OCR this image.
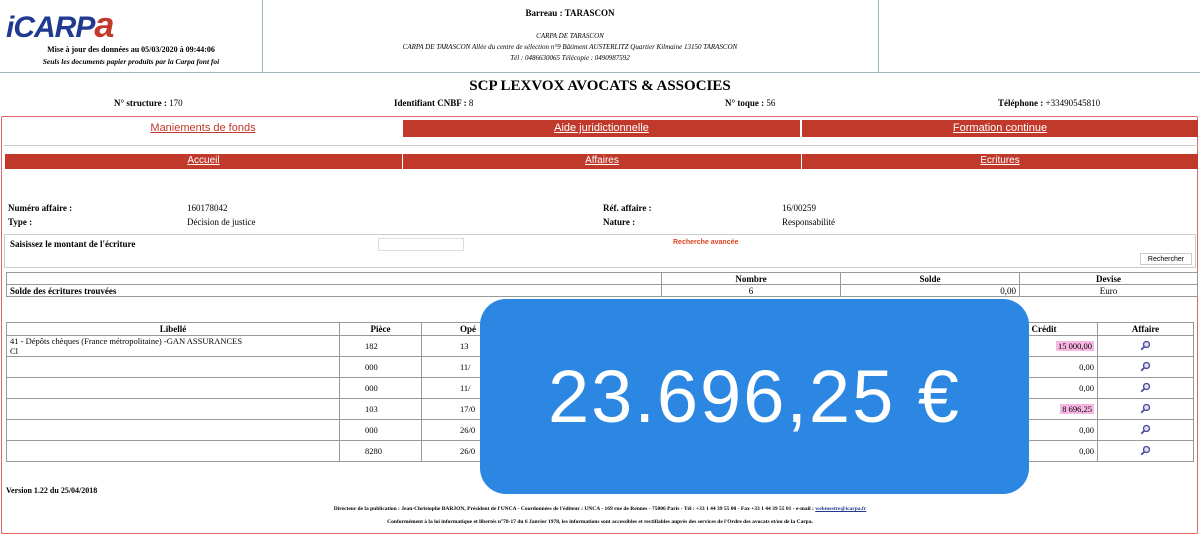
iCARPa
Mise à jour des données au 05/03/2020 à 09:44:06
Seuls les documents papier produits par la Carpa font foi
Barreau : TARASCON
CARPA DE TARASCON
CARPA DE TARASCON Allée du centre de sélection n°9 Bâtiment AUSTERLITZ Quartier Kilmaine 13150 TARASCON
Tél : 0486630065 Télécopie : 0490987592
SCP LEXVOX AVOCATS & ASSOCIES
N° structure : 170	Identifiant CNBF : 8	N° toque : 56	Téléphone : +33490545810
Maniements de fonds	Aide juridictionnelle	Formation continue
Accueil	Affaires	Ecritures
Numéro affaire :	160178042
Type :	Décision de justice
Réf. affaire :	16/00259
Nature :	Responsabilité
Saisissez le montant de l'écriture	Recherche avancée
Rechercher
	Nombre	Solde	Devise
Solde des écritures trouvées	6	0,00	Euro
Libellé	Pièce	Opé		Crédit	Affaire

41 - Dépôts chèques (France métropolitaine) -GAN ASSURANCES
Cl	182	13		15 000,00	

	000	11/		0,00	

	000	11/		0,00	

	103	17/0		8 696,25	

	000	26/0		0,00	

	8280	26/0		0,00	
Version 1.22 du 25/04/2018
Directeur de la publication : Jean-Christophe BARJON, Président de l'UNCA - Coordonnées de l'éditeur : UNCA - 169 rue de Rennes - 75006 Paris - Tél : +33 1 44 39 55 00 - Fax +33 1 44 39 55 01 - e-mail : webmestre@icarpa.fr
Conformément à la loi informatique et libertés n°78-17 du 6 Janvier 1978, les informations sont accessibles et rectifiables auprès des services de l'Ordre des avocats et/ou de la Carpa.
23.696,25 €
